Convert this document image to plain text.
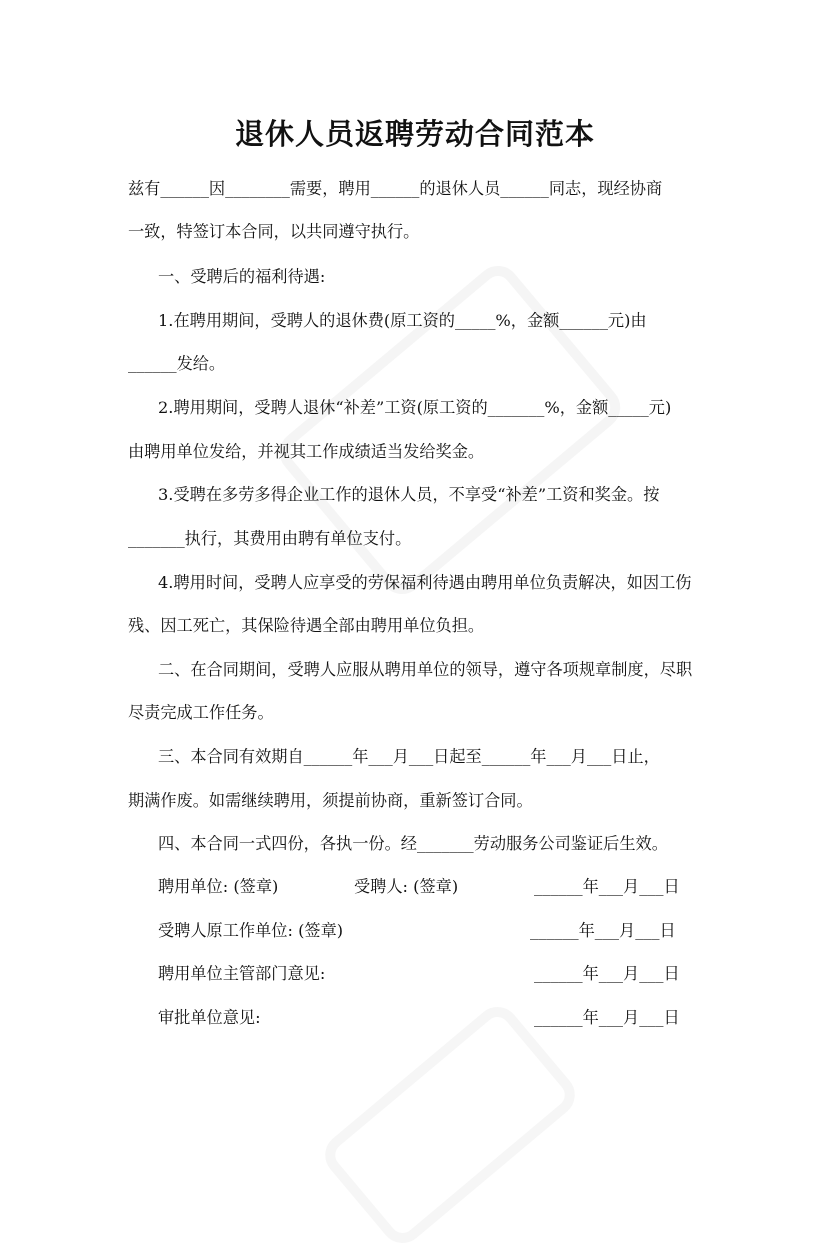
退休人员返聘劳动合同范本
兹有______因________需要，聘用______的退休人员______同志，现经协商
一致，特签订本合同，以共同遵守执行。
一、受聘后的福利待遇:
1.在聘用期间，受聘人的退休费(原工资的_____%，金额______元)由
______发给。
2.聘用期间，受聘人退休“补差”工资(原工资的_______%，金额_____元)
由聘用单位发给，并视其工作成绩适当发给奖金。
3.受聘在多劳多得企业工作的退休人员，不享受“补差”工资和奖金。按
_______执行，其费用由聘有单位支付。
4.聘用时间，受聘人应享受的劳保福利待遇由聘用单位负责解决，如因工伤
残、因工死亡，其保险待遇全部由聘用单位负担。
二、在合同期间，受聘人应服从聘用单位的领导，遵守各项规章制度，尽职
尽责完成工作任务。
三、本合同有效期自______年___月___日起至______年___月___日止，
期满作废。如需继续聘用，须提前协商，重新签订合同。
四、本合同一式四份，各执一份。经_______劳动服务公司鉴证后生效。
聘用单位: (签章)	受聘人: (签章)	______年___月___日
受聘人原工作单位: (签章)	______年___月___日
聘用单位主管部门意见:	______年___月___日
审批单位意见:	______年___月___日
